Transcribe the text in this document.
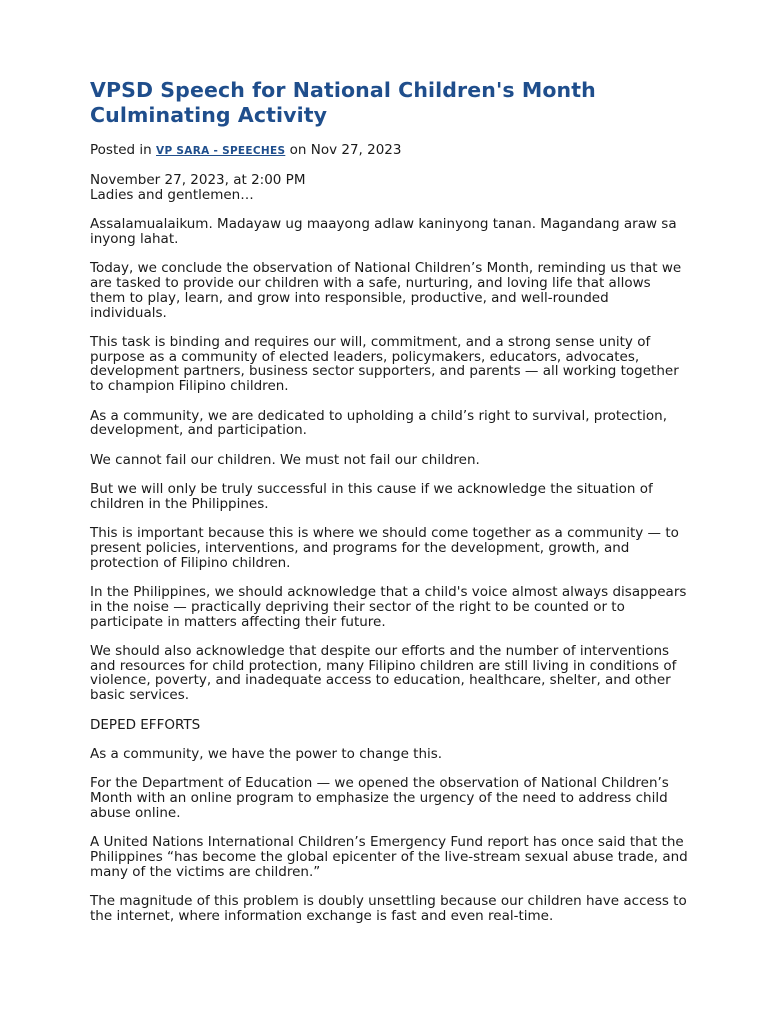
VPSD Speech for National Children's Month Culminating Activity
Posted in VP SARA - SPEECHES on Nov 27, 2023

November 27, 2023, at 2:00 PM
Ladies and gentlemen…

Assalamualaikum. Madayaw ug maayong adlaw kaninyong tanan. Magandang araw sa inyong lahat.

Today, we conclude the observation of National Children’s Month, reminding us that we are tasked to provide our children with a safe, nurturing, and loving life that allows them to play, learn, and grow into responsible, productive, and well-rounded individuals.

This task is binding and requires our will, commitment, and a strong sense unity of purpose as a community of elected leaders, policymakers, educators, advocates, development partners, business sector supporters, and parents — all working together to champion Filipino children.

As a community, we are dedicated to upholding a child’s right to survival, protection, development, and participation.

We cannot fail our children. We must not fail our children.

But we will only be truly successful in this cause if we acknowledge the situation of children in the Philippines.

This is important because this is where we should come together as a community — to present policies, interventions, and programs for the development, growth, and protection of Filipino children.

In the Philippines, we should acknowledge that a child's voice almost always disappears in the noise — practically depriving their sector of the right to be counted or to participate in matters affecting their future.

We should also acknowledge that despite our efforts and the number of interventions and resources for child protection, many Filipino children are still living in conditions of violence, poverty, and inadequate access to education, healthcare, shelter, and other basic services.

DEPED EFFORTS

As a community, we have the power to change this.

For the Department of Education — we opened the observation of National Children’s Month with an online program to emphasize the urgency of the need to address child abuse online.

A United Nations International Children’s Emergency Fund report has once said that the Philippines “has become the global epicenter of the live-stream sexual abuse trade, and many of the victims are children.”

The magnitude of this problem is doubly unsettling because our children have access to the internet, where information exchange is fast and even real-time.
